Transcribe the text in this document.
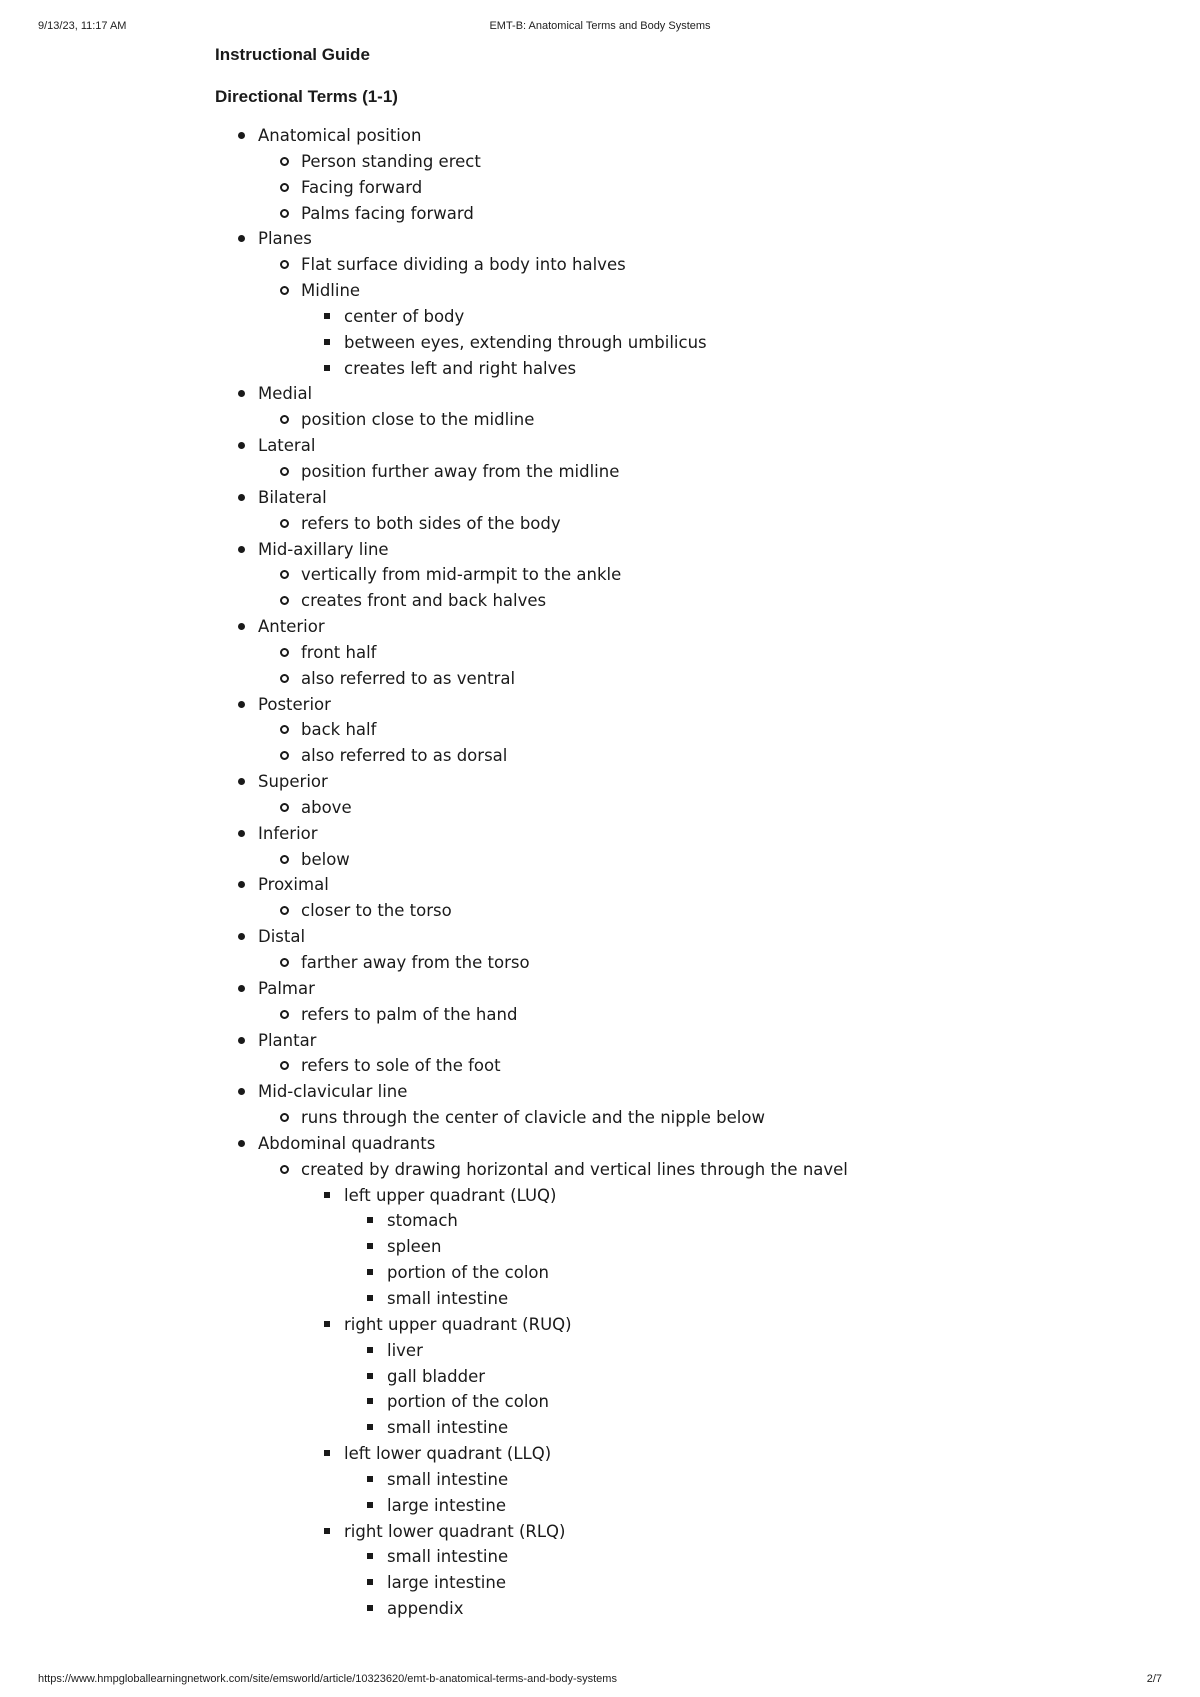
9/13/23, 11:17 AM	EMT-B: Anatomical Terms and Body Systems
Instructional Guide
Directional Terms (1-1)
Anatomical position
Person standing erect
Facing forward
Palms facing forward
Planes
Flat surface dividing a body into halves
Midline
center of body
between eyes, extending through umbilicus
creates left and right halves
Medial
position close to the midline
Lateral
position further away from the midline
Bilateral
refers to both sides of the body
Mid-axillary line
vertically from mid-armpit to the ankle
creates front and back halves
Anterior
front half
also referred to as ventral
Posterior
back half
also referred to as dorsal
Superior
above
Inferior
below
Proximal
closer to the torso
Distal
farther away from the torso
Palmar
refers to palm of the hand
Plantar
refers to sole of the foot
Mid-clavicular line
runs through the center of clavicle and the nipple below
Abdominal quadrants
created by drawing horizontal and vertical lines through the navel
left upper quadrant (LUQ)
stomach
spleen
portion of the colon
small intestine
right upper quadrant (RUQ)
liver
gall bladder
portion of the colon
small intestine
left lower quadrant (LLQ)
small intestine
large intestine
right lower quadrant (RLQ)
small intestine
large intestine
appendix
https://www.hmpgloballearningnetwork.com/site/emsworld/article/10323620/emt-b-anatomical-terms-and-body-systems	2/7
